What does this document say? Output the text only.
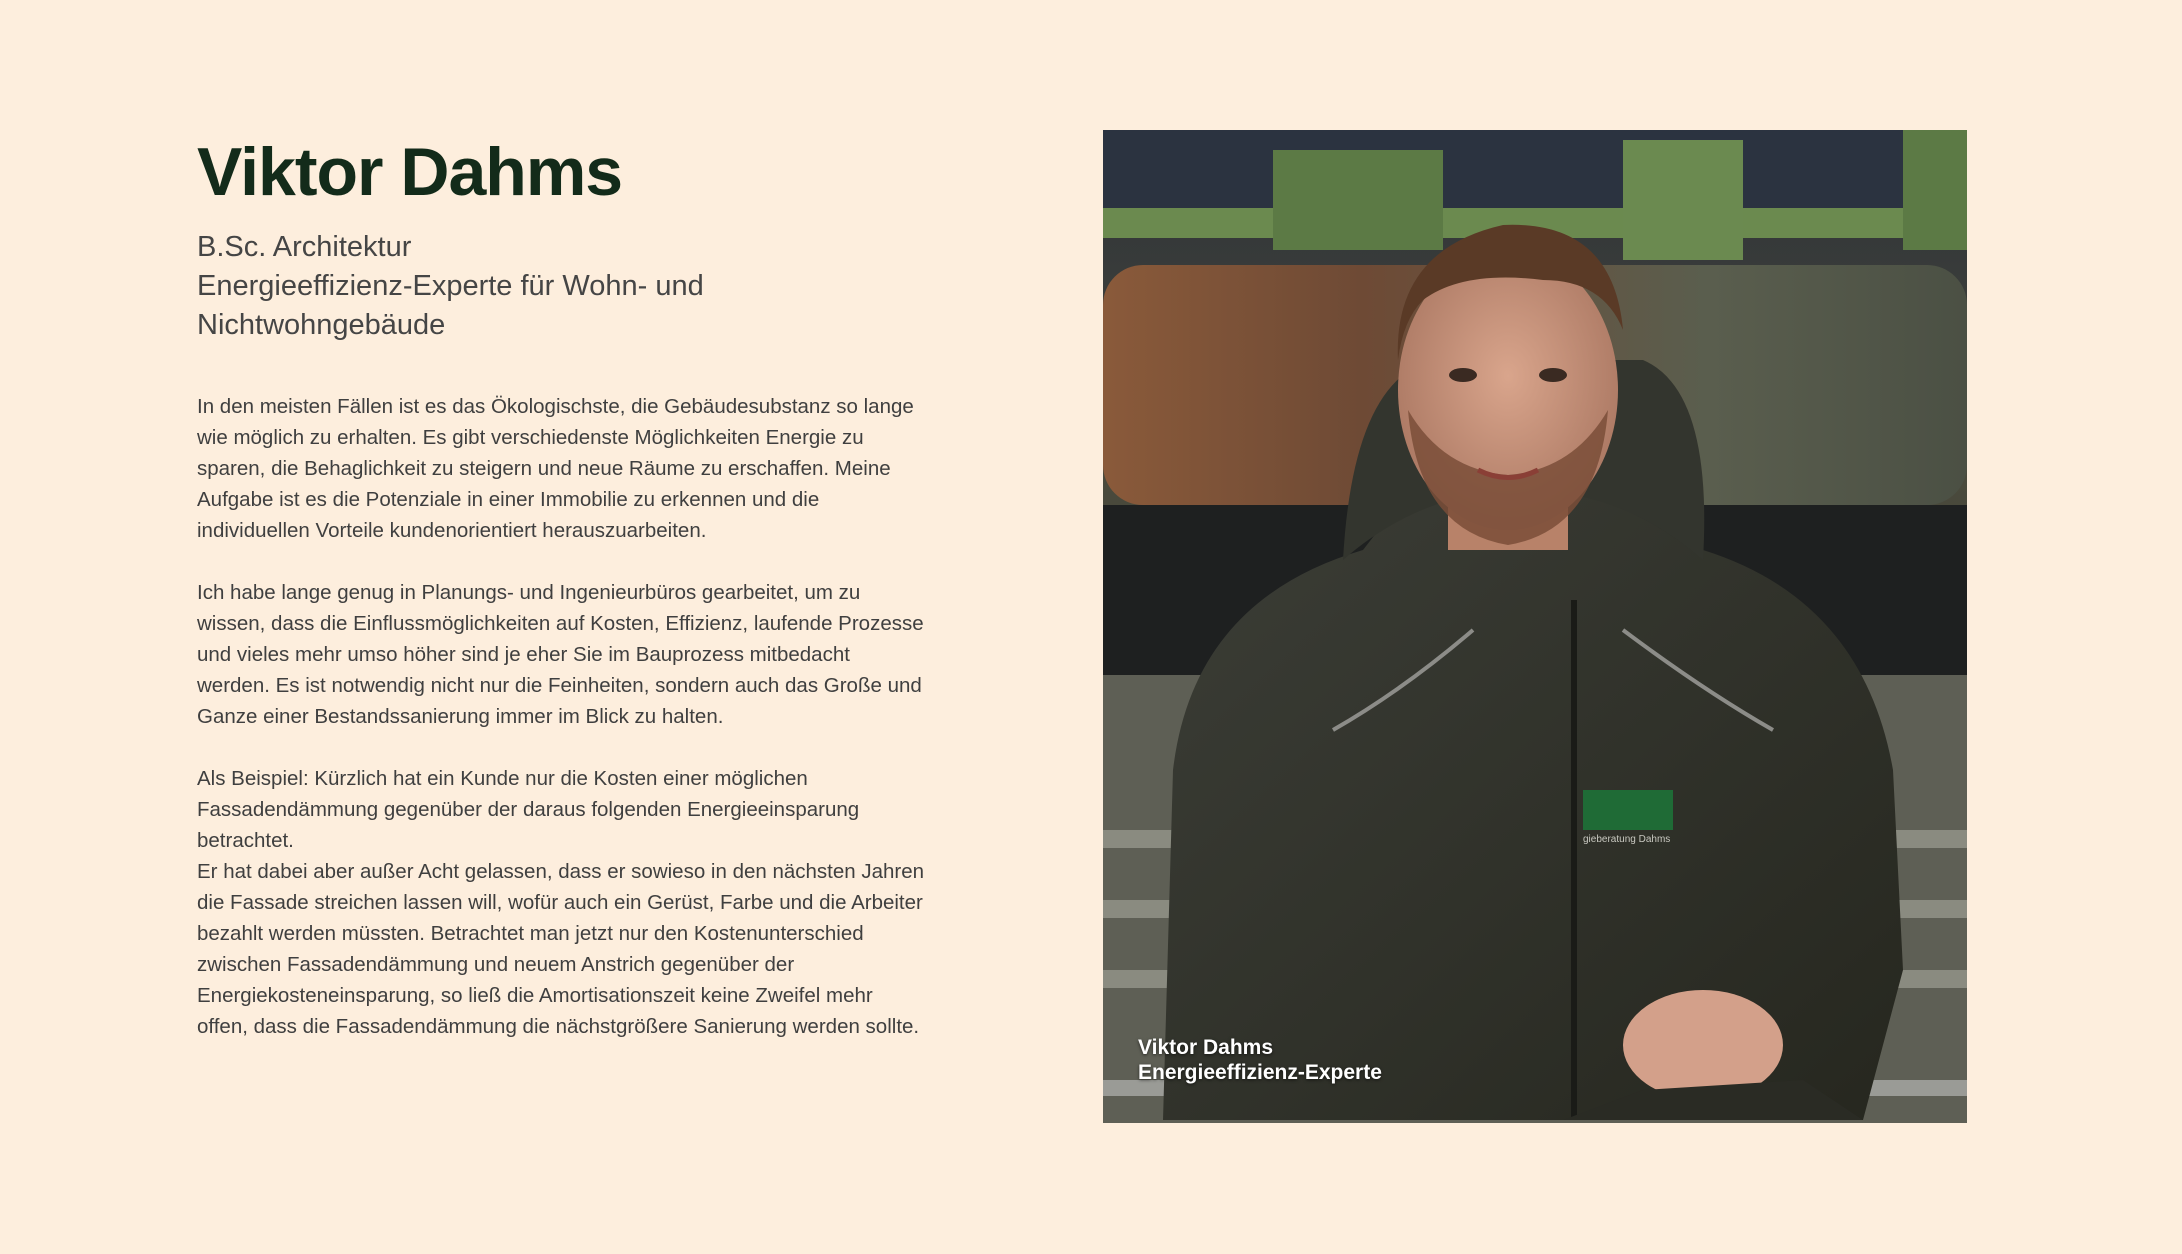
Viktor Dahms
B.Sc. Architektur
Energieeffizienz-Experte für Wohn- und
Nichtwohngebäude

In den meisten Fällen ist es das Ökologischste, die Gebäudesubstanz so lange wie möglich zu erhalten. Es gibt verschiedenste Möglichkeiten Energie zu sparen, die Behaglichkeit zu steigern und neue Räume zu erschaffen. Meine Aufgabe ist es die Potenziale in einer Immobilie zu erkennen und die individuellen Vorteile kundenorientiert herauszuarbeiten.

Ich habe lange genug in Planungs- und Ingenieurbüros gearbeitet, um zu wissen, dass die Einflussmöglichkeiten auf Kosten, Effizienz, laufende Prozesse und vieles mehr umso höher sind je eher Sie im Bauprozess mitbedacht werden. Es ist notwendig nicht nur die Feinheiten, sondern auch das Große und Ganze einer Bestandssanierung immer im Blick zu halten.

Als Beispiel: Kürzlich hat ein Kunde nur die Kosten einer möglichen Fassadendämmung gegenüber der daraus folgenden Energieeinsparung betrachtet.

Er hat dabei aber außer Acht gelassen, dass er sowieso in den nächsten Jahren die Fassade streichen lassen will, wofür auch ein Gerüst, Farbe und die Arbeiter bezahlt werden müssten. Betrachtet man jetzt nur den Kostenunterschied zwischen Fassadendämmung und neuem Anstrich gegenüber der Energiekosteneinsparung, so ließ die Amortisationszeit keine Zweifel mehr offen, dass die Fassadendämmung die nächstgrößere Sanierung werden sollte.

gieberatung Dahms
Viktor Dahms
Energieeffizienz-Experte
